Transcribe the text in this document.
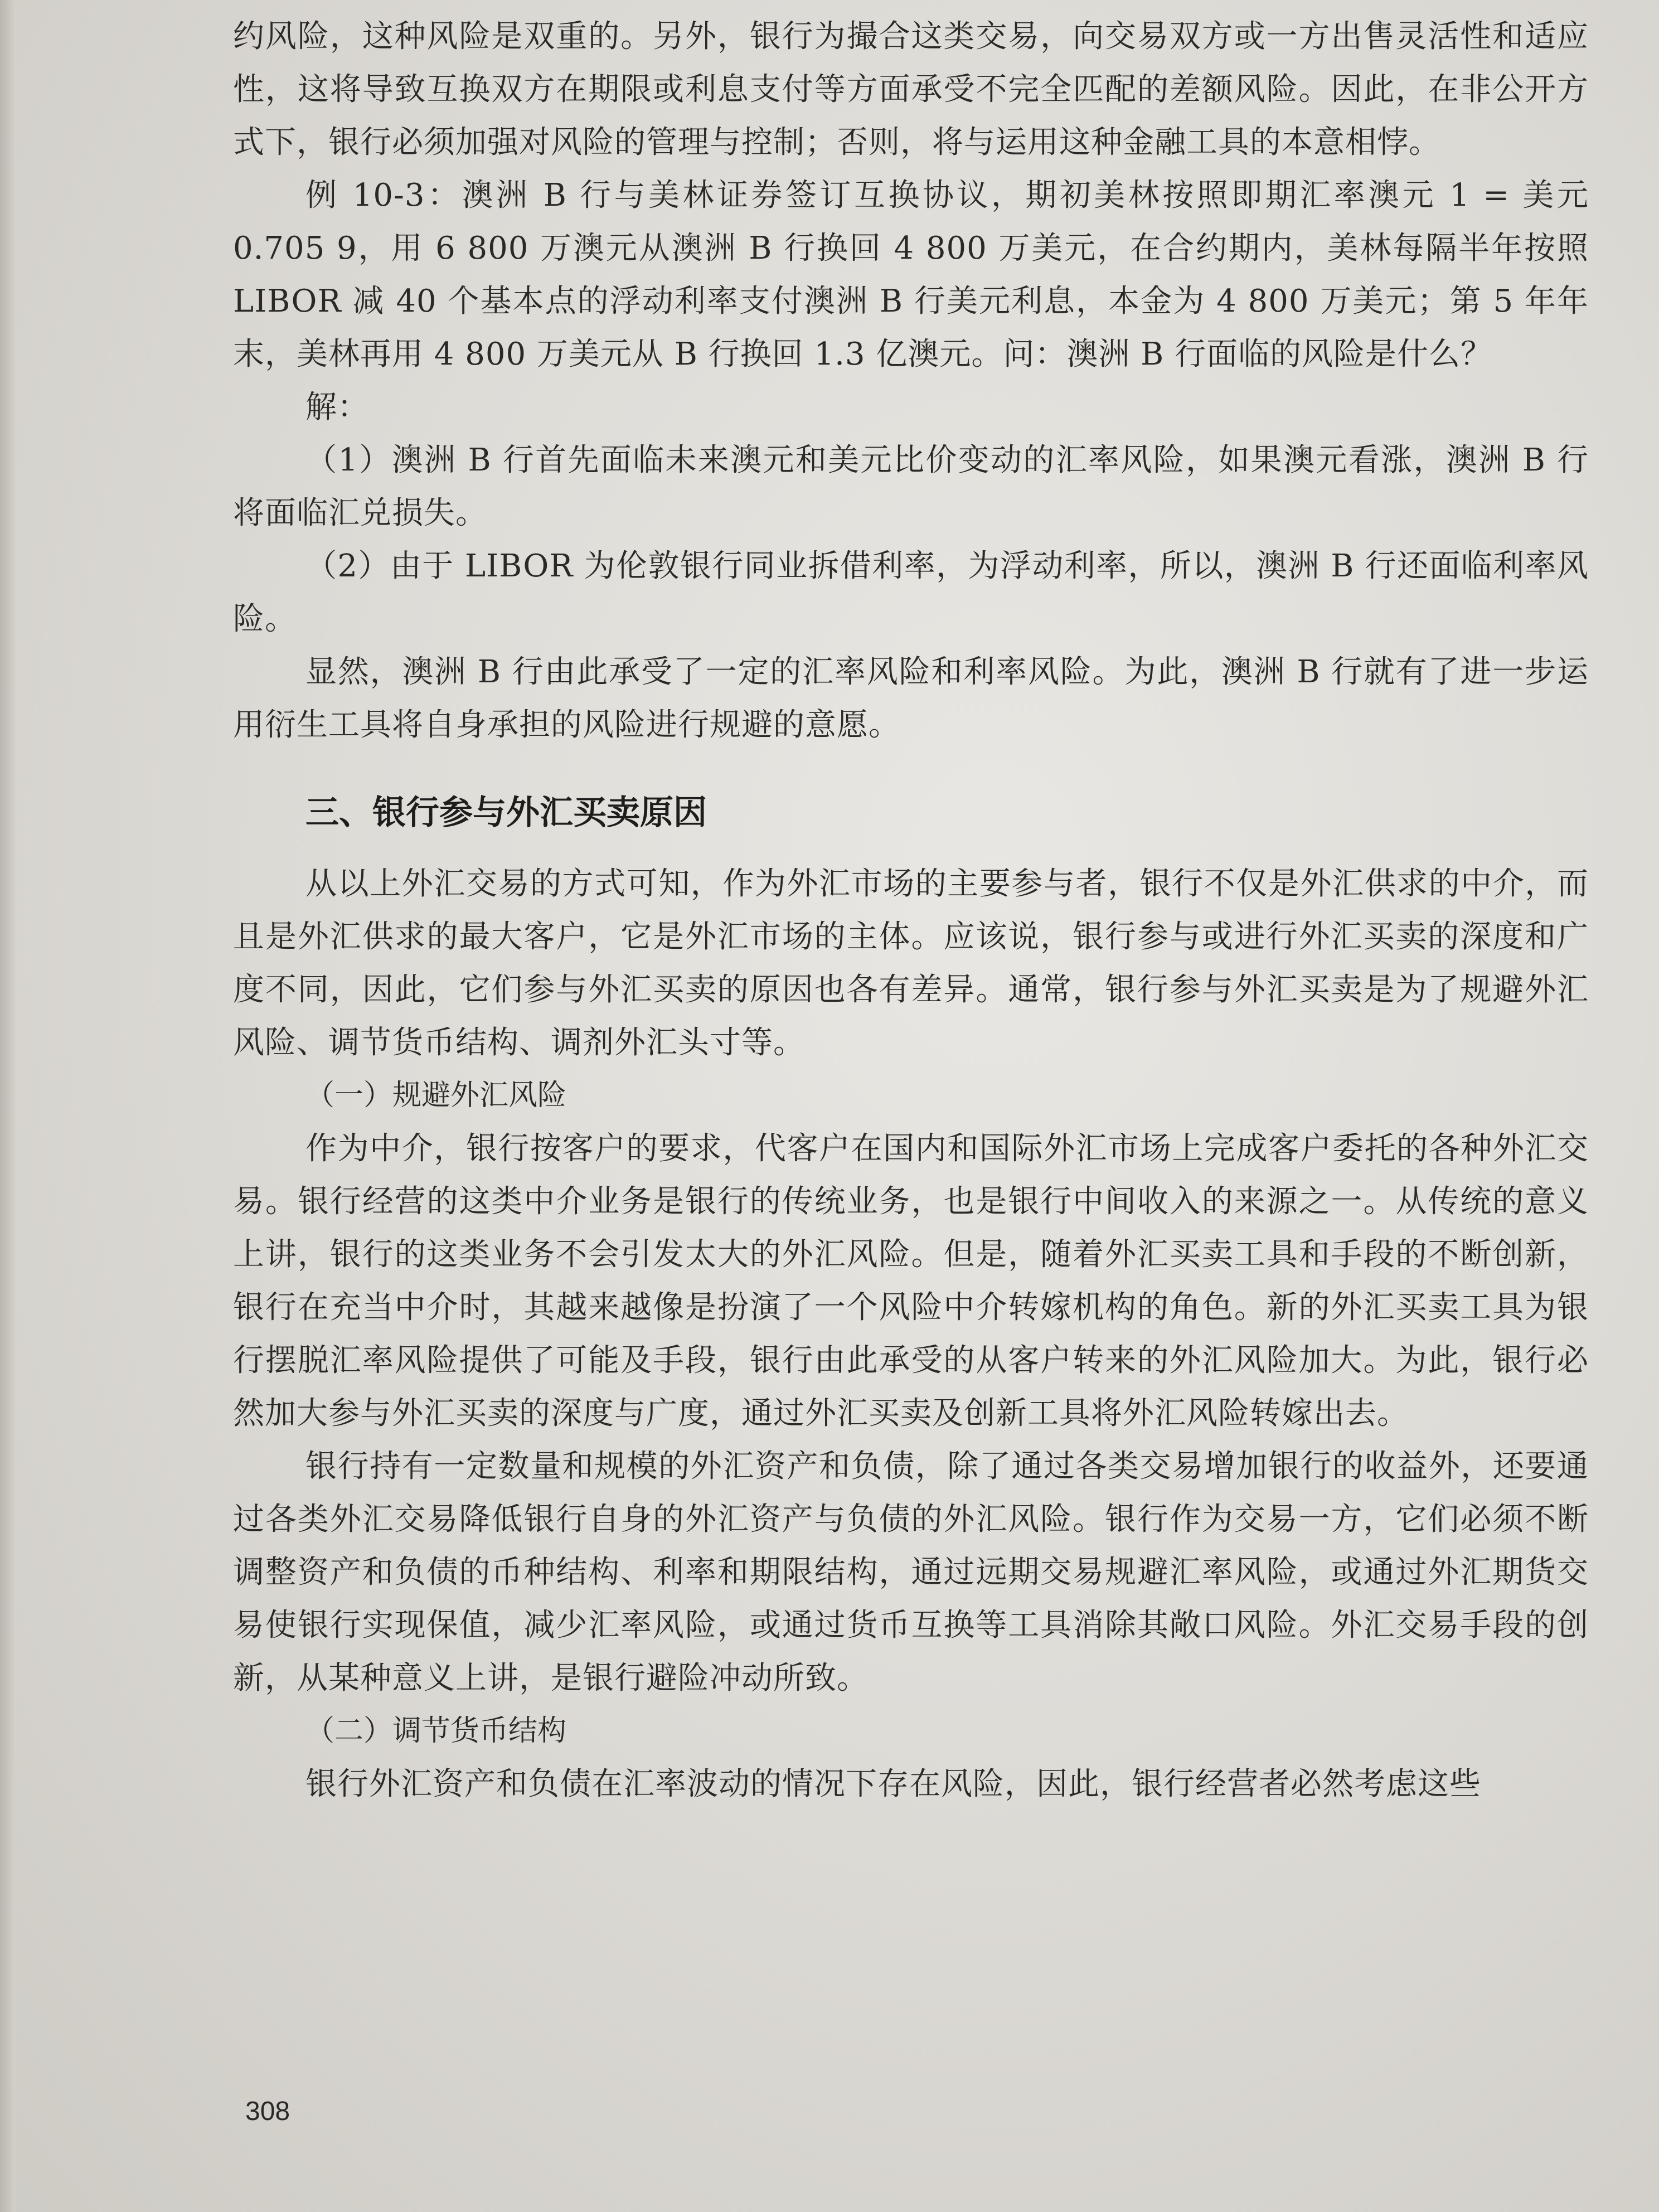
约风险，这种风险是双重的。另外，银行为撮合这类交易，向交易双方或一方出售灵活性和适应性，这将导致互换双方在期限或利息支付等方面承受不完全匹配的差额风险。因此，在非公开方式下，银行必须加强对风险的管理与控制；否则，将与运用这种金融工具的本意相悖。

例 10-3：澳洲 B 行与美林证券签订互换协议，期初美林按照即期汇率澳元 1 = 美元 0.705 9，用 6 800 万澳元从澳洲 B 行换回 4 800 万美元，在合约期内，美林每隔半年按照 LIBOR 减 40 个基本点的浮动利率支付澳洲 B 行美元利息，本金为 4 800 万美元；第 5 年年末，美林再用 4 800 万美元从 B 行换回 1.3 亿澳元。问：澳洲 B 行面临的风险是什么？

解：

（1）澳洲 B 行首先面临未来澳元和美元比价变动的汇率风险，如果澳元看涨，澳洲 B 行将面临汇兑损失。

（2）由于 LIBOR 为伦敦银行同业拆借利率，为浮动利率，所以，澳洲 B 行还面临利率风险。

显然，澳洲 B 行由此承受了一定的汇率风险和利率风险。为此，澳洲 B 行就有了进一步运用衍生工具将自身承担的风险进行规避的意愿。

三、银行参与外汇买卖原因

从以上外汇交易的方式可知，作为外汇市场的主要参与者，银行不仅是外汇供求的中介，而且是外汇供求的最大客户，它是外汇市场的主体。应该说，银行参与或进行外汇买卖的深度和广度不同，因此，它们参与外汇买卖的原因也各有差异。通常，银行参与外汇买卖是为了规避外汇风险、调节货币结构、调剂外汇头寸等。

（一）规避外汇风险

作为中介，银行按客户的要求，代客户在国内和国际外汇市场上完成客户委托的各种外汇交易。银行经营的这类中介业务是银行的传统业务，也是银行中间收入的来源之一。从传统的意义上讲，银行的这类业务不会引发太大的外汇风险。但是，随着外汇买卖工具和手段的不断创新，银行在充当中介时，其越来越像是扮演了一个风险中介转嫁机构的角色。新的外汇买卖工具为银行摆脱汇率风险提供了可能及手段，银行由此承受的从客户转来的外汇风险加大。为此，银行必然加大参与外汇买卖的深度与广度，通过外汇买卖及创新工具将外汇风险转嫁出去。

银行持有一定数量和规模的外汇资产和负债，除了通过各类交易增加银行的收益外，还要通过各类外汇交易降低银行自身的外汇资产与负债的外汇风险。银行作为交易一方，它们必须不断调整资产和负债的币种结构、利率和期限结构，通过远期交易规避汇率风险，或通过外汇期货交易使银行实现保值，减少汇率风险，或通过货币互换等工具消除其敞口风险。外汇交易手段的创新，从某种意义上讲，是银行避险冲动所致。

（二）调节货币结构

银行外汇资产和负债在汇率波动的情况下存在风险，因此，银行经营者必然考虑这些

308
